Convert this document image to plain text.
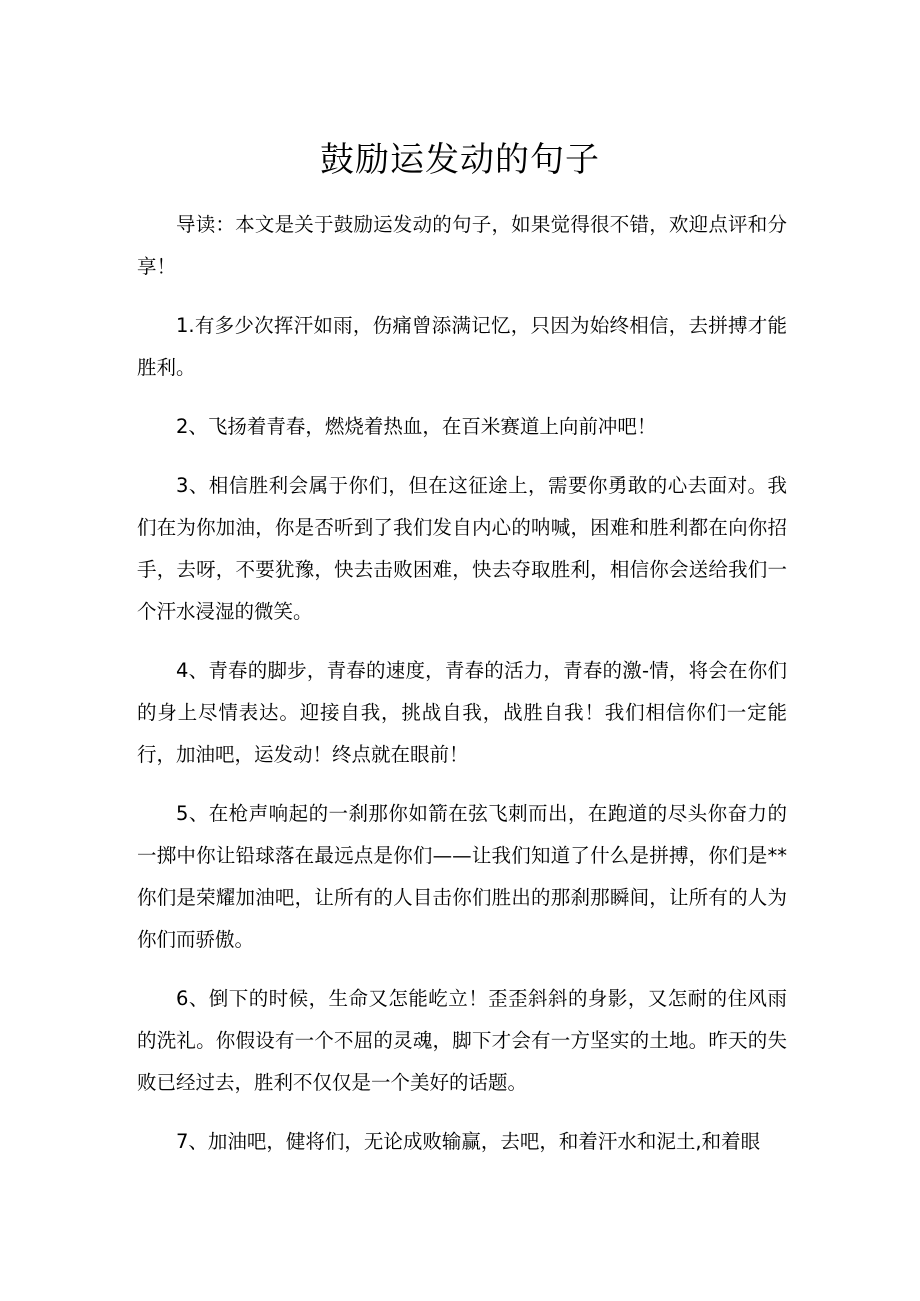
鼓励运发动的句子

导读：本文是关于鼓励运发动的句子，如果觉得很不错，欢迎点评和分享！

1.有多少次挥汗如雨，伤痛曾添满记忆，只因为始终相信，去拼搏才能胜利。

2、飞扬着青春，燃烧着热血，在百米赛道上向前冲吧！

3、相信胜利会属于你们，但在这征途上，需要你勇敢的心去面对。我们在为你加油，你是否听到了我们发自内心的呐喊，困难和胜利都在向你招手，去呀，不要犹豫，快去击败困难，快去夺取胜利，相信你会送给我们一个汗水浸湿的微笑。

4、青春的脚步，青春的速度，青春的活力，青春的激-情，将会在你们的身上尽情表达。迎接自我，挑战自我，战胜自我！我们相信你们一定能行，加油吧，运发动！终点就在眼前！

5、在枪声响起的一刹那你如箭在弦飞刺而出，在跑道的尽头你奋力的一掷中你让铅球落在最远点是你们——让我们知道了什么是拼搏，你们是**你们是荣耀加油吧，让所有的人目击你们胜出的那刹那瞬间，让所有的人为你们而骄傲。

6、倒下的时候，生命又怎能屹立！歪歪斜斜的身影，又怎耐的住风雨的洗礼。你假设有一个不屈的灵魂，脚下才会有一方坚实的土地。昨天的失败已经过去，胜利不仅仅是一个美好的话题。

7、加油吧，健将们，无论成败输赢，去吧，和着汗水和泥土,和着眼
